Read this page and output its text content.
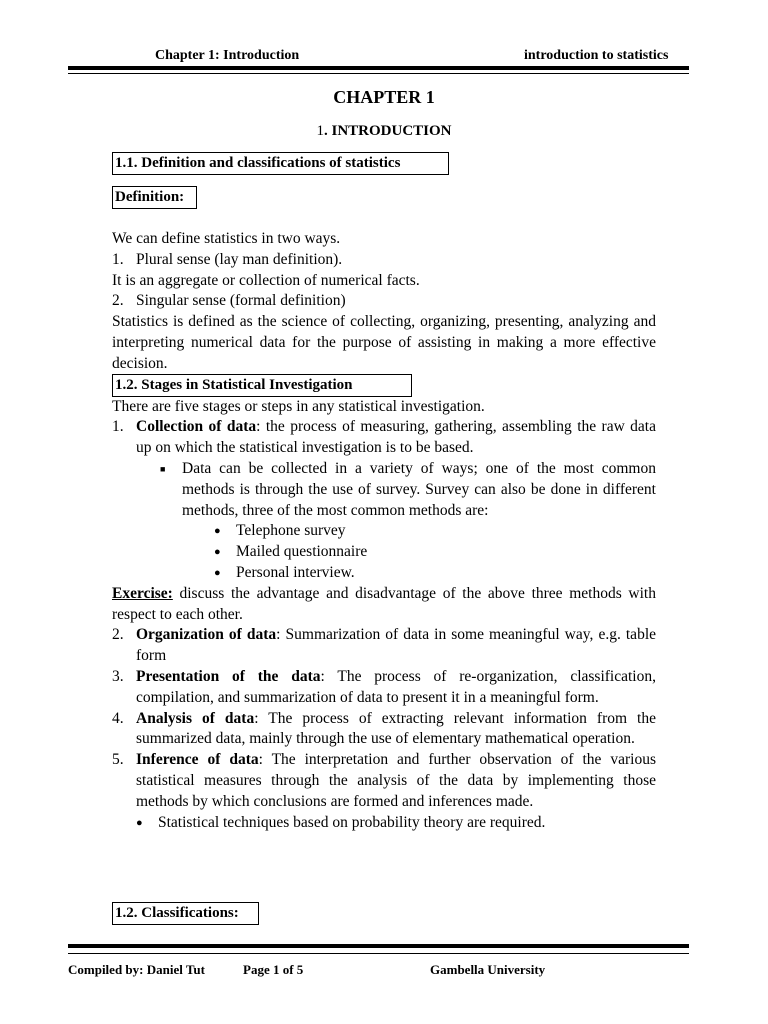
Chapter 1: Introduction	introduction to statistics
CHAPTER 1
1. INTRODUCTION
1.1. Definition and classifications of statistics
Definition:

We can define statistics in two ways.

1. Plural sense (lay man definition).

It is an aggregate or collection of numerical facts.

2. Singular sense (formal definition)

Statistics is defined as the science of collecting, organizing, presenting, analyzing and interpreting numerical data for the purpose of assisting in making a more effective decision.

There are five stages or steps in any statistical investigation.

1. Collection of data: the process of measuring, gathering, assembling the raw data up on which the statistical investigation is to be based.
■	Data can be collected in a variety of ways; one of the most common methods is through the use of survey. Survey can also be done in different methods, three of the most common methods are:
● Telephone survey
● Mailed questionnaire
● Personal interview.

Exercise: discuss the advantage and disadvantage of the above three methods with respect to each other.

2. Organization of data: Summarization of data in some meaningful way, e.g. table form
3. Presentation of the data: The process of re-organization, classification, compilation, and summarization of data to present it in a meaningful form.
4. Analysis of data: The process of extracting relevant information from the summarized data, mainly through the use of elementary mathematical operation.
5. Inference of data: The interpretation and further observation of the various statistical measures through the analysis of the data by implementing those methods by which conclusions are formed and inferences made.
● Statistical techniques based on probability theory are required.
1.2. Stages in Statistical Investigation
1.2. Classifications:
Compiled by: Daniel Tut	Page 1 of 5	Gambella University
